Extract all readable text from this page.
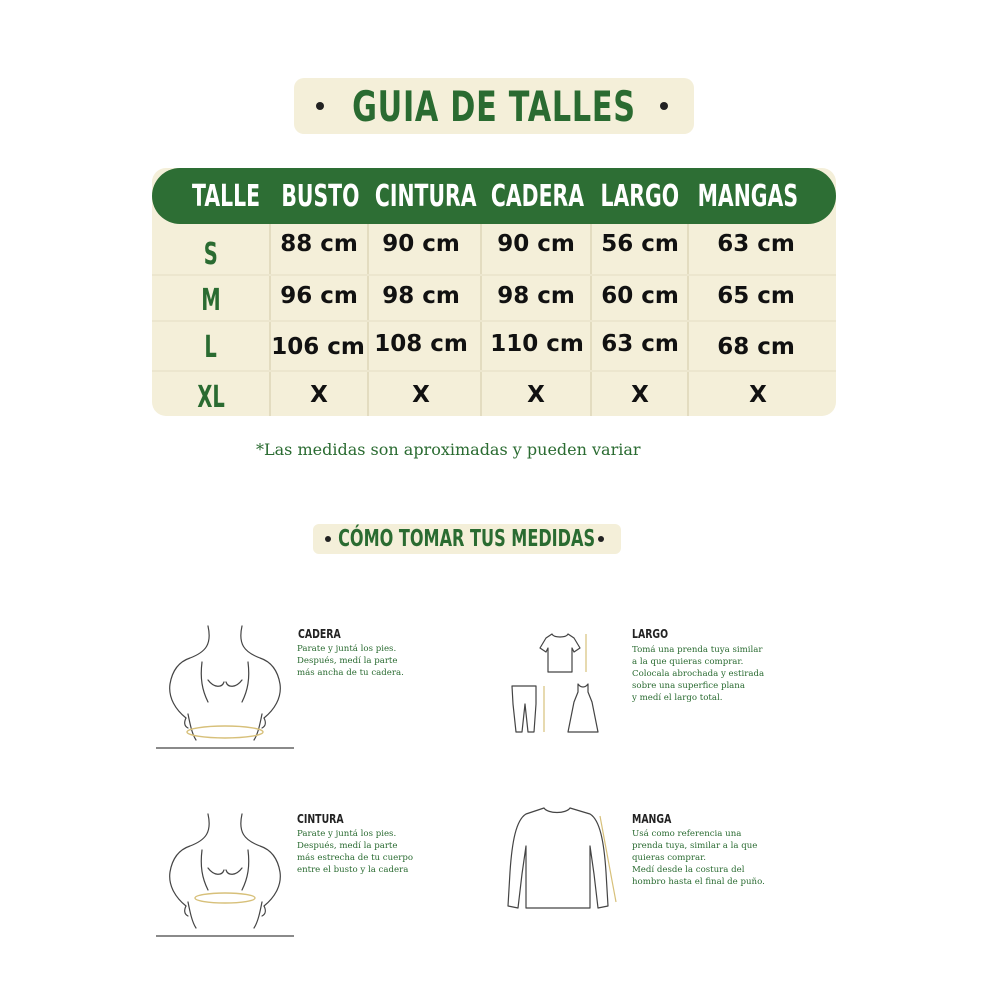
GUIA DE TALLES
TALLE BUSTO CINTURA CADERA LARGO MANGAS
S	88 cm	90 cm	90 cm	56 cm	63 cm
M	96 cm	98 cm	98 cm	60 cm	65 cm
L 106 cm 108 cm 110 cm 63 cm	68 cm
XL	X	X	X	X	X
*Las medidas son aproximadas y pueden variar
CÓMO TOMAR TUS MEDIDAS
CADERA
Parate y juntá los pies.
Después, medí la parte
más ancha de tu cadera.
LARGO
Tomá una prenda tuya similar
a la que quieras comprar.
Colocala abrochada y estirada
sobre una superfice plana
y medí el largo total.
CINTURA
Parate y juntá los pies.
Después, medí la parte
más estrecha de tu cuerpo
entre el busto y la cadera
MANGA
Usá como referencia una
prenda tuya, similar a la que
quieras comprar.
Medí desde la costura del
hombro hasta el final de puño.
